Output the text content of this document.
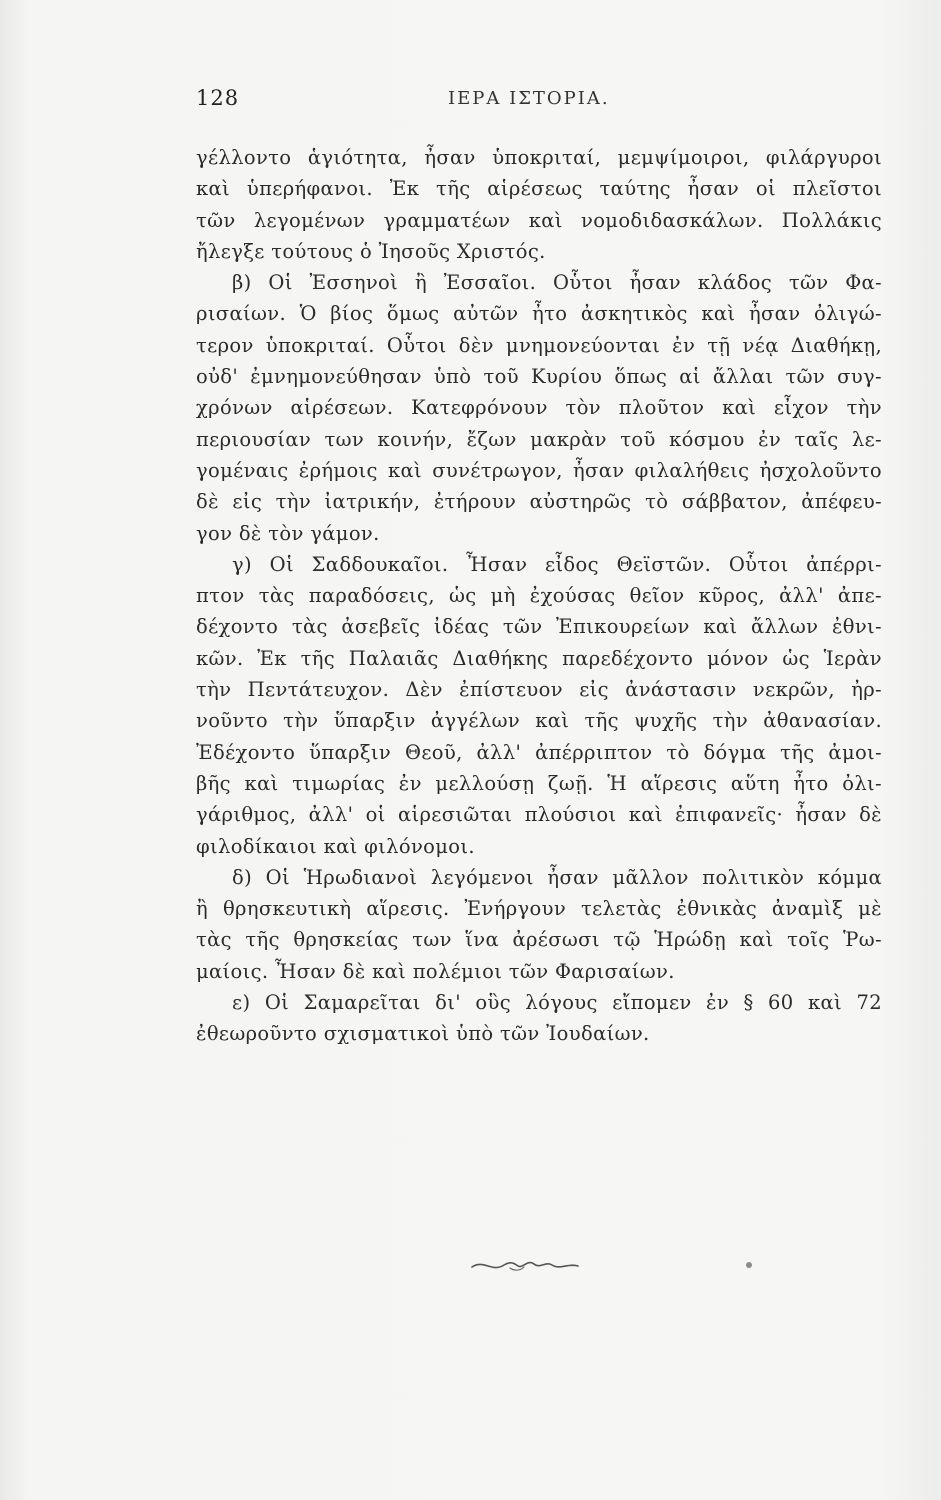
128	ΙΕΡΑ ΙΣΤΟΡΙΑ.
γέλλοντο ἁγιότητα, ἦσαν ὑποκριταί, μεμψίμοιροι, φιλάργυροι
καὶ ὑπερήφανοι. Ἐκ τῆς αἱρέσεως ταύτης ἦσαν οἱ πλεῖστοι
τῶν λεγομένων γραμματέων καὶ νομοδιδασκάλων. Πολλάκις
ἤλεγξε τούτους ὁ Ἰησοῦς Χριστός.
β) Οἱ Ἐσσηνοὶ ἢ Ἐσσαῖοι. Οὗτοι ἦσαν κλάδος τῶν Φα-
ρισαίων. Ὁ βίος ὅμως αὐτῶν ἦτο ἀσκητικὸς καὶ ἦσαν ὀλιγώ-
τερον ὑποκριταί. Οὗτοι δὲν μνημονεύονται ἐν τῇ νέᾳ Διαθήκῃ,
οὐδ' ἐμνημονεύθησαν ὑπὸ τοῦ Κυρίου ὅπως αἱ ἄλλαι τῶν συγ-
χρόνων αἱρέσεων. Κατεφρόνουν τὸν πλοῦτον καὶ εἶχον τὴν
περιουσίαν των κοινήν, ἔζων μακρὰν τοῦ κόσμου ἐν ταῖς λε-
γομέναις ἐρήμοις καὶ συνέτρωγον, ἦσαν φιλαλήθεις ἠσχολοῦντο
δὲ εἰς τὴν ἰατρικήν, ἐτήρουν αὐστηρῶς τὸ σάββατον, ἀπέφευ-
γον δὲ τὸν γάμον.
γ) Οἱ Σαδδουκαῖοι. Ἦσαν εἶδος Θεϊστῶν. Οὗτοι ἀπέρρι-
πτον τὰς παραδόσεις, ὡς μὴ ἐχούσας θεῖον κῦρος, ἀλλ' ἀπε-
δέχοντο τὰς ἀσεβεῖς ἰδέας τῶν Ἐπικουρείων καὶ ἄλλων ἐθνι-
κῶν. Ἐκ τῆς Παλαιᾶς Διαθήκης παρεδέχοντο μόνον ὡς Ἱερὰν
τὴν Πεντάτευχον. Δὲν ἐπίστευον εἰς ἀνάστασιν νεκρῶν, ἠρ-
νοῦντο τὴν ὕπαρξιν ἀγγέλων καὶ τῆς ψυχῆς τὴν ἀθανασίαν.
Ἐδέχοντο ὕπαρξιν Θεοῦ, ἀλλ' ἀπέρριπτον τὸ δόγμα τῆς ἀμοι-
βῆς καὶ τιμωρίας ἐν μελλούσῃ ζωῇ. Ἡ αἵρεσις αὕτη ἦτο ὀλι-
γάριθμος, ἀλλ' οἱ αἱρεσιῶται πλούσιοι καὶ ἐπιφανεῖς· ἦσαν δὲ
φιλοδίκαιοι καὶ φιλόνομοι.
δ) Οἱ Ἡρωδιανοὶ λεγόμενοι ἦσαν μᾶλλον πολιτικὸν κόμμα
ἢ θρησκευτικὴ αἵρεσις. Ἐνήργουν τελετὰς ἐθνικὰς ἀναμὶξ μὲ
τὰς τῆς θρησκείας των ἵνα ἀρέσωσι τῷ Ἡρώδῃ καὶ τοῖς Ῥω-
μαίοις. Ἦσαν δὲ καὶ πολέμιοι τῶν Φαρισαίων.
ε) Οἱ Σαμαρεῖται δι' οὓς λόγους εἴπομεν ἐν § 60 καὶ 72
ἐθεωροῦντο σχισματικοὶ ὑπὸ τῶν Ἰουδαίων.
